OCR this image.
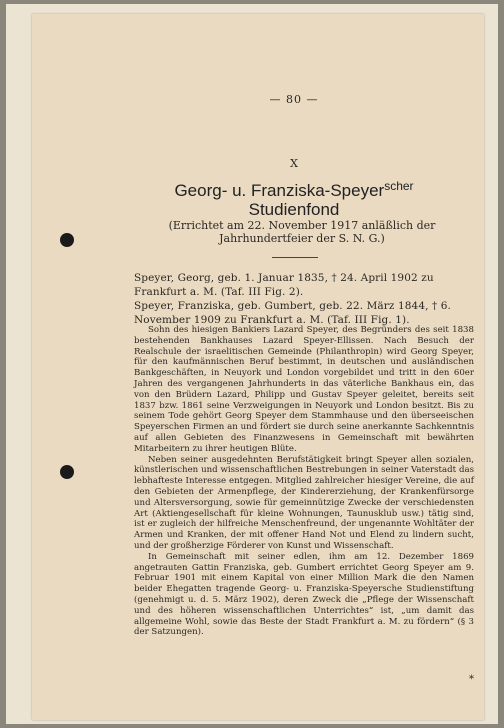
— 80 —
X
Georg- u. Franziska-Speyer$^{scher}$
Studienfond
(Errichtet am 22. November 1917 anläßlich der Jahrhundertfeier der S. N. G.)
Speyer, Georg, geb. 1. Januar 1835, † 24. April 1902 zu Frankfurt a. M. (Taf. III Fig. 2).
Speyer, Franziska, geb. Gumbert, geb. 22. März 1844, † 6. November 1909 zu Frankfurt a. M. (Taf. III Fig. 1).

Sohn des hiesigen Bankiers Lazard Speyer, des Begründers des seit 1838 bestehenden Bankhauses Lazard Speyer-Ellissen. Nach Besuch der Realschule der israelitischen Gemeinde (Philanthropin) wird Georg Speyer, für den kaufmännischen Beruf bestimmt, in deutschen und ausländischen Bankgeschäften, in Neuyork und London vorgebildet und tritt in den 60er Jahren des vergangenen Jahrhunderts in das väterliche Bankhaus ein, das von den Brüdern Lazard, Philipp und Gustav Speyer geleitet, bereits seit 1837 bzw. 1861 seine Verzweigungen in Neuyork und London besitzt. Bis zu seinem Tode gehört Georg Speyer dem Stammhause und den überseeischen Speyerschen Firmen an und fördert sie durch seine anerkannte Sachkenntnis auf allen Gebieten des Finanzwesens in Gemeinschaft mit bewährten Mitarbeitern zu ihrer heutigen Blüte.

Neben seiner ausgedehnten Berufstätigkeit bringt Speyer allen sozialen, künstlerischen und wissenschaftlichen Bestrebungen in seiner Vaterstadt das lebhafteste Interesse entgegen. Mitglied zahlreicher hiesiger Vereine, die auf den Gebieten der Armenpflege, der Kindererziehung, der Krankenfürsorge und Altersversorgung, sowie für gemeinnützige Zwecke der verschiedensten Art (Aktiengesellschaft für kleine Wohnungen, Taunusklub usw.) tätig sind, ist er zugleich der hilfreiche Menschenfreund, der ungenannte Wohltäter der Armen und Kranken, der mit offener Hand Not und Elend zu lindern sucht, und der großherzige Förderer von Kunst und Wissenschaft.

In Gemeinschaft mit seiner edlen, ihm am 12. Dezember 1869 angetrauten Gattin Franziska, geb. Gumbert errichtet Georg Speyer am 9. Februar 1901 mit einem Kapital von einer Million Mark die den Namen beider Ehegatten tragende Georg- u. Franziska-Speyersche Studienstiftung (genehmigt u. d. 5. März 1902), deren Zweck die „Pflege der Wissenschaft und des höheren wissenschaftlichen Unterrichtes“ ist, „um damit das allgemeine Wohl, sowie das Beste der Stadt Frankfurt a. M. zu fördern“ (§ 3 der Satzungen).

*
